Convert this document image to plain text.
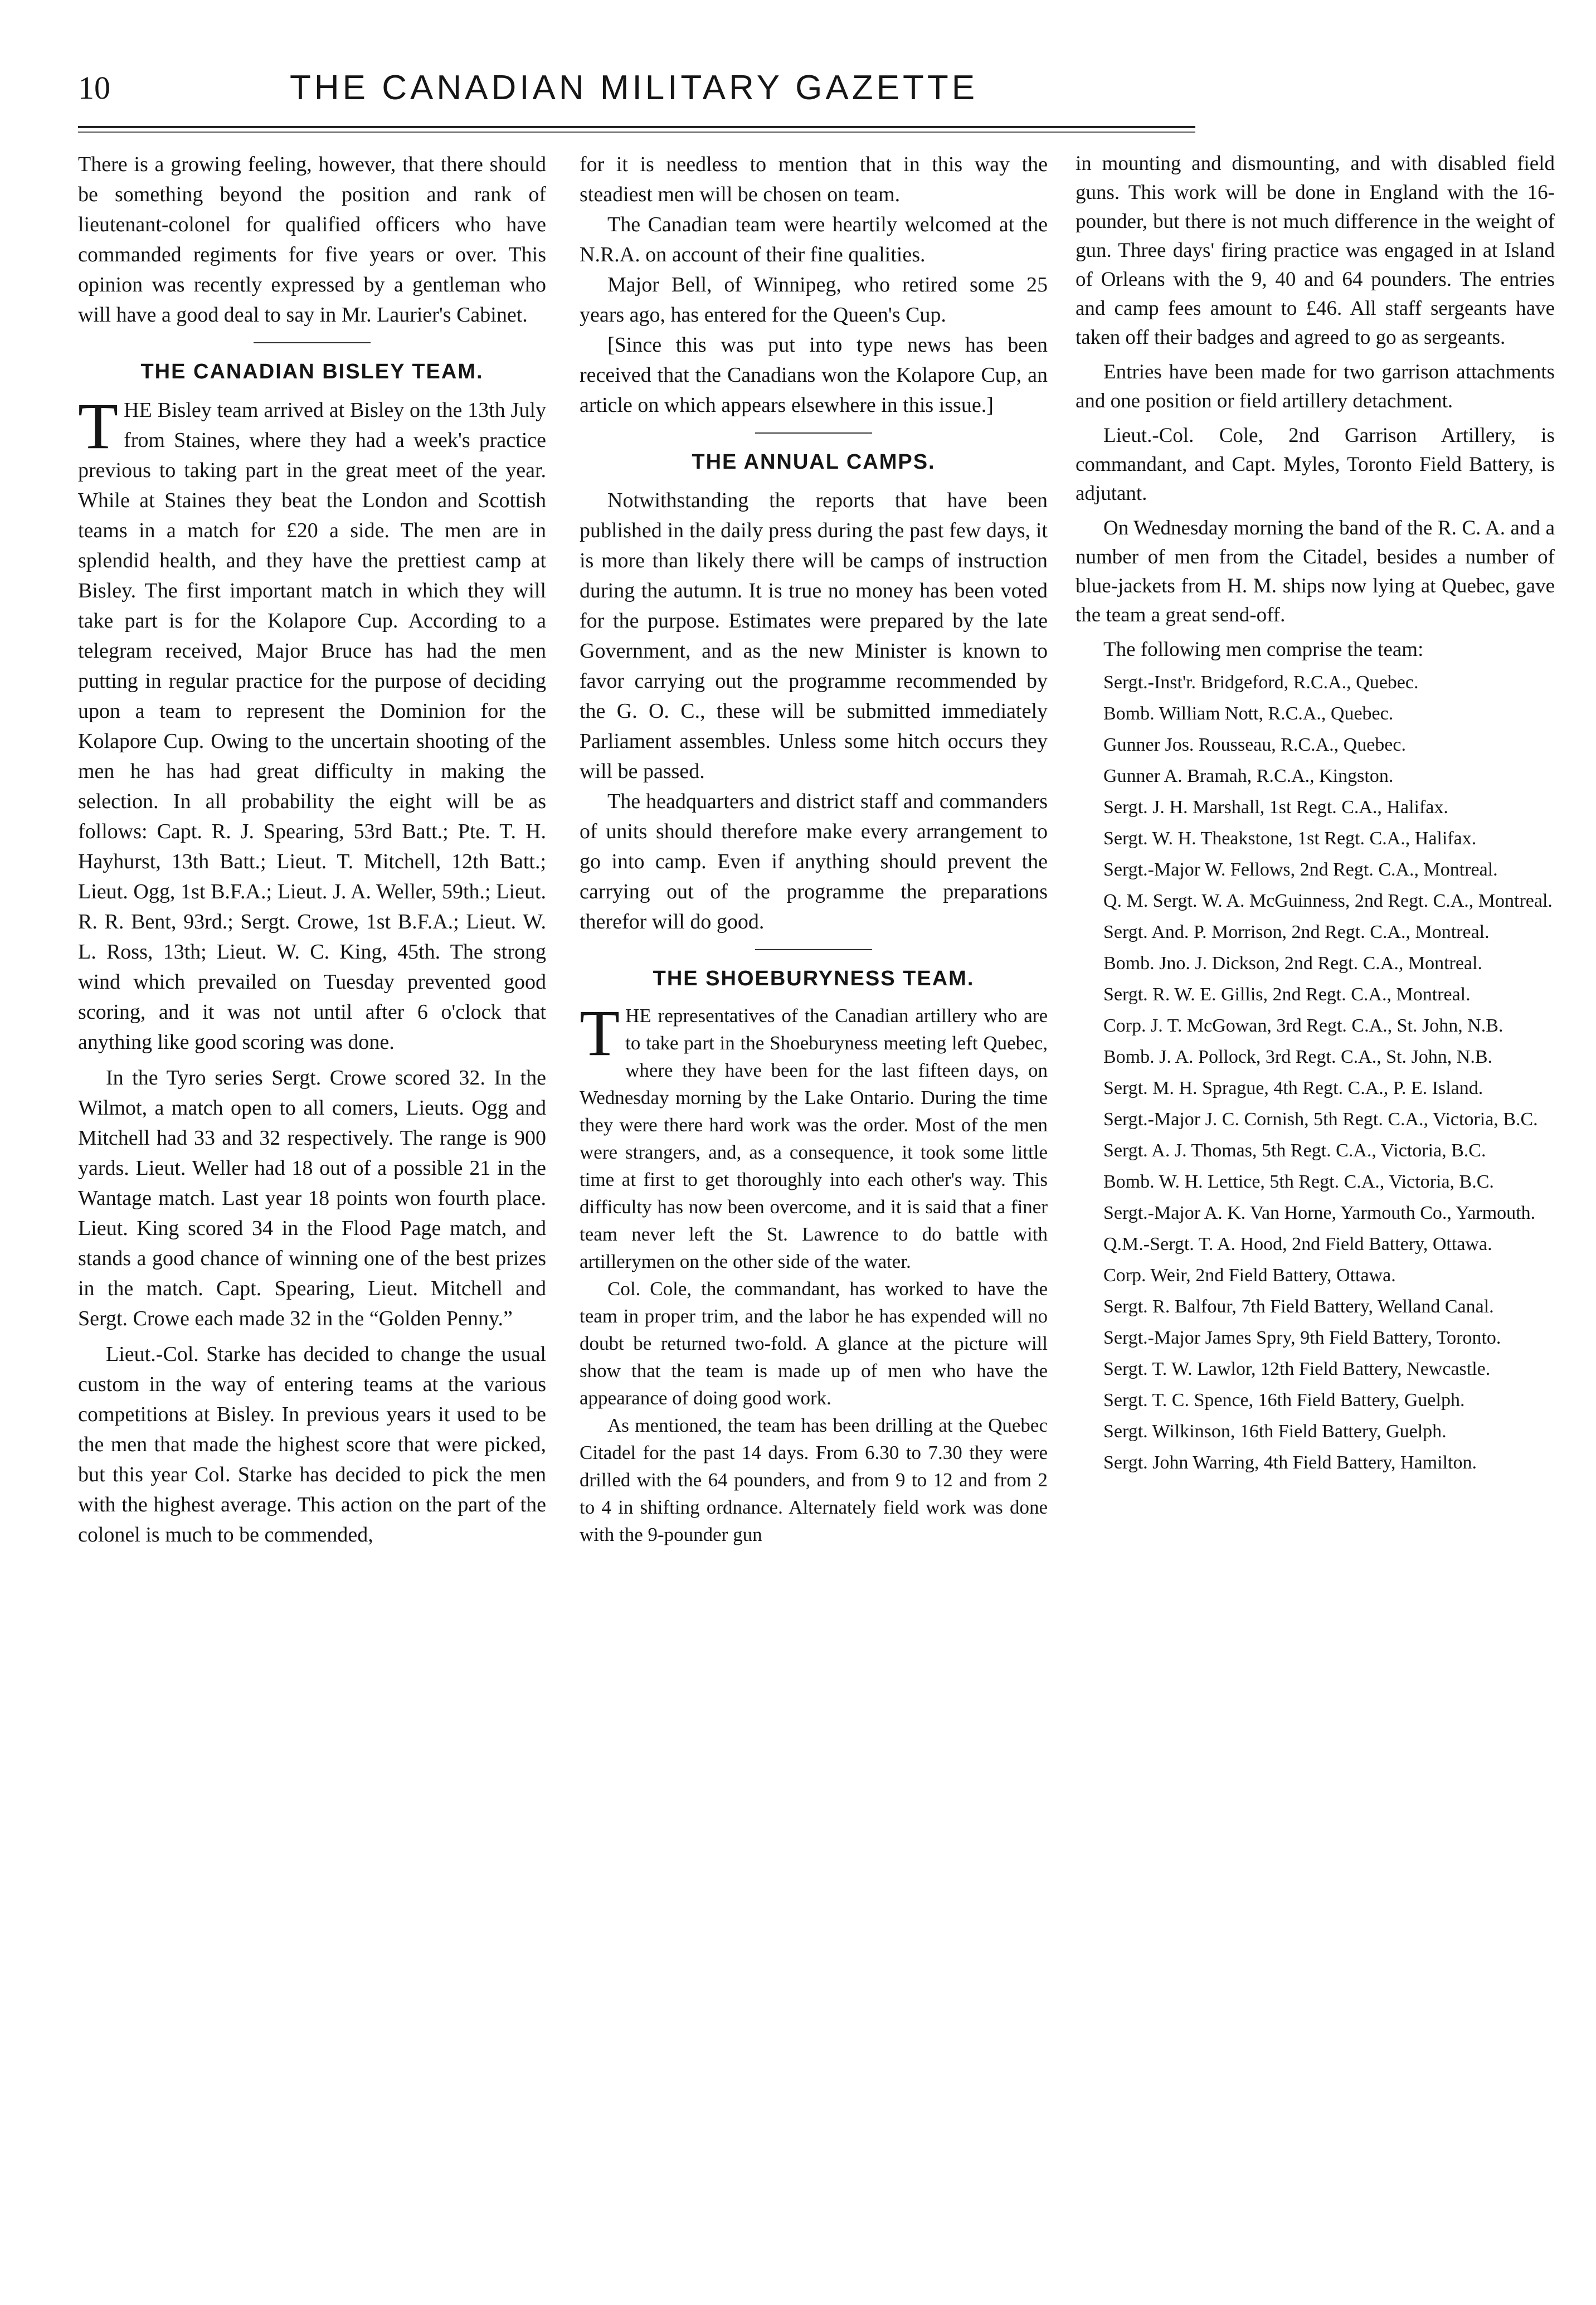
10	THE CANADIAN MILITARY GAZETTE

There is a growing feeling, however, that there should be something beyond the position and rank of lieutenant-colonel for qualified officers who have commanded regiments for five years or over. This opinion was recently expressed by a gentleman who will have a good deal to say in Mr. Laurier's Cabinet.

THE CANADIAN BISLEY TEAM.

THE Bisley team arrived at Bisley on the 13th July from Staines, where they had a week's practice previous to taking part in the great meet of the year. While at Staines they beat the London and Scottish teams in a match for £20 a side. The men are in splendid health, and they have the prettiest camp at Bisley. The first important match in which they will take part is for the Kolapore Cup. According to a telegram received, Major Bruce has had the men putting in regular practice for the purpose of deciding upon a team to represent the Dominion for the Kolapore Cup. Owing to the uncertain shooting of the men he has had great difficulty in making the selection. In all probability the eight will be as follows: Capt. R. J. Spearing, 53rd Batt.; Pte. T. H. Hayhurst, 13th Batt.; Lieut. T. Mitchell, 12th Batt.; Lieut. Ogg, 1st B.F.A.; Lieut. J. A. Weller, 59th.; Lieut. R. R. Bent, 93rd.; Sergt. Crowe, 1st B.F.A.; Lieut. W. L. Ross, 13th; Lieut. W. C. King, 45th. The strong wind which prevailed on Tuesday prevented good scoring, and it was not until after 6 o'clock that anything like good scoring was done.

In the Tyro series Sergt. Crowe scored 32. In the Wilmot, a match open to all comers, Lieuts. Ogg and Mitchell had 33 and 32 respectively. The range is 900 yards. Lieut. Weller had 18 out of a possible 21 in the Wantage match. Last year 18 points won fourth place. Lieut. King scored 34 in the Flood Page match, and stands a good chance of winning one of the best prizes in the match. Capt. Spearing, Lieut. Mitchell and Sergt. Crowe each made 32 in the “Golden Penny.”

Lieut.-Col. Starke has decided to change the usual custom in the way of entering teams at the various competitions at Bisley. In previous years it used to be the men that made the highest score that were picked, but this year Col. Starke has decided to pick the men with the highest average. This action on the part of the colonel is much to be commended,

for it is needless to mention that in this way the steadiest men will be chosen on team.

The Canadian team were heartily welcomed at the N.R.A. on account of their fine qualities.

Major Bell, of Winnipeg, who retired some 25 years ago, has entered for the Queen's Cup.

[Since this was put into type news has been received that the Canadians won the Kolapore Cup, an article on which appears elsewhere in this issue.]

THE ANNUAL CAMPS.

Notwithstanding the reports that have been published in the daily press during the past few days, it is more than likely there will be camps of instruction during the autumn. It is true no money has been voted for the purpose. Estimates were prepared by the late Government, and as the new Minister is known to favor carrying out the programme recommended by the G. O. C., these will be submitted immediately Parliament assembles. Unless some hitch occurs they will be passed.

The headquarters and district staff and commanders of units should therefore make every arrangement to go into camp. Even if anything should prevent the carrying out of the programme the preparations therefor will do good.

THE SHOEBURYNESS TEAM.

THE representatives of the Canadian artillery who are to take part in the Shoeburyness meeting left Quebec, where they have been for the last fifteen days, on Wednesday morning by the Lake Ontario. During the time they were there hard work was the order. Most of the men were strangers, and, as a consequence, it took some little time at first to get thoroughly into each other's way. This difficulty has now been overcome, and it is said that a finer team never left the St. Lawrence to do battle with artillerymen on the other side of the water.

Col. Cole, the commandant, has worked to have the team in proper trim, and the labor he has expended will no doubt be returned two-fold. A glance at the picture will show that the team is made up of men who have the appearance of doing good work.

As mentioned, the team has been drilling at the Quebec Citadel for the past 14 days. From 6.30 to 7.30 they were drilled with the 64 pounders, and from 9 to 12 and from 2 to 4 in shifting ordnance. Alternately field work was done with the 9-pounder gun

in mounting and dismounting, and with disabled field guns. This work will be done in England with the 16-pounder, but there is not much difference in the weight of gun. Three days' firing practice was engaged in at Island of Orleans with the 9, 40 and 64 pounders. The entries and camp fees amount to £46. All staff sergeants have taken off their badges and agreed to go as sergeants.

Entries have been made for two garrison attachments and one position or field artillery detachment.

Lieut.-Col. Cole, 2nd Garrison Artillery, is commandant, and Capt. Myles, Toronto Field Battery, is adjutant.

On Wednesday morning the band of the R. C. A. and a number of men from the Citadel, besides a number of blue-jackets from H. M. ships now lying at Quebec, gave the team a great send-off.

The following men comprise the team:

Sergt.-Inst'r. Bridgeford, R.C.A., Quebec.

Bomb. William Nott, R.C.A., Quebec.

Gunner Jos. Rousseau, R.C.A., Quebec.

Gunner A. Bramah, R.C.A., Kingston.

Sergt. J. H. Marshall, 1st Regt. C.A., Halifax.

Sergt. W. H. Theakstone, 1st Regt. C.A., Halifax.

Sergt.-Major W. Fellows, 2nd Regt. C.A., Montreal.

Q. M. Sergt. W. A. McGuinness, 2nd Regt. C.A., Montreal.

Sergt. And. P. Morrison, 2nd Regt. C.A., Montreal.

Bomb. Jno. J. Dickson, 2nd Regt. C.A., Montreal.

Sergt. R. W. E. Gillis, 2nd Regt. C.A., Montreal.

Corp. J. T. McGowan, 3rd Regt. C.A., St. John, N.B.

Bomb. J. A. Pollock, 3rd Regt. C.A., St. John, N.B.

Sergt. M. H. Sprague, 4th Regt. C.A., P. E. Island.

Sergt.-Major J. C. Cornish, 5th Regt. C.A., Victoria, B.C.

Sergt. A. J. Thomas, 5th Regt. C.A., Victoria, B.C.

Bomb. W. H. Lettice, 5th Regt. C.A., Victoria, B.C.

Sergt.-Major A. K. Van Horne, Yarmouth Co., Yarmouth.

Q.M.-Sergt. T. A. Hood, 2nd Field Battery, Ottawa.

Corp. Weir, 2nd Field Battery, Ottawa.

Sergt. R. Balfour, 7th Field Battery, Welland Canal.

Sergt.-Major James Spry, 9th Field Battery, Toronto.

Sergt. T. W. Lawlor, 12th Field Battery, Newcastle.

Sergt. T. C. Spence, 16th Field Battery, Guelph.

Sergt. Wilkinson, 16th Field Battery, Guelph.

Sergt. John Warring, 4th Field Battery, Hamilton.
